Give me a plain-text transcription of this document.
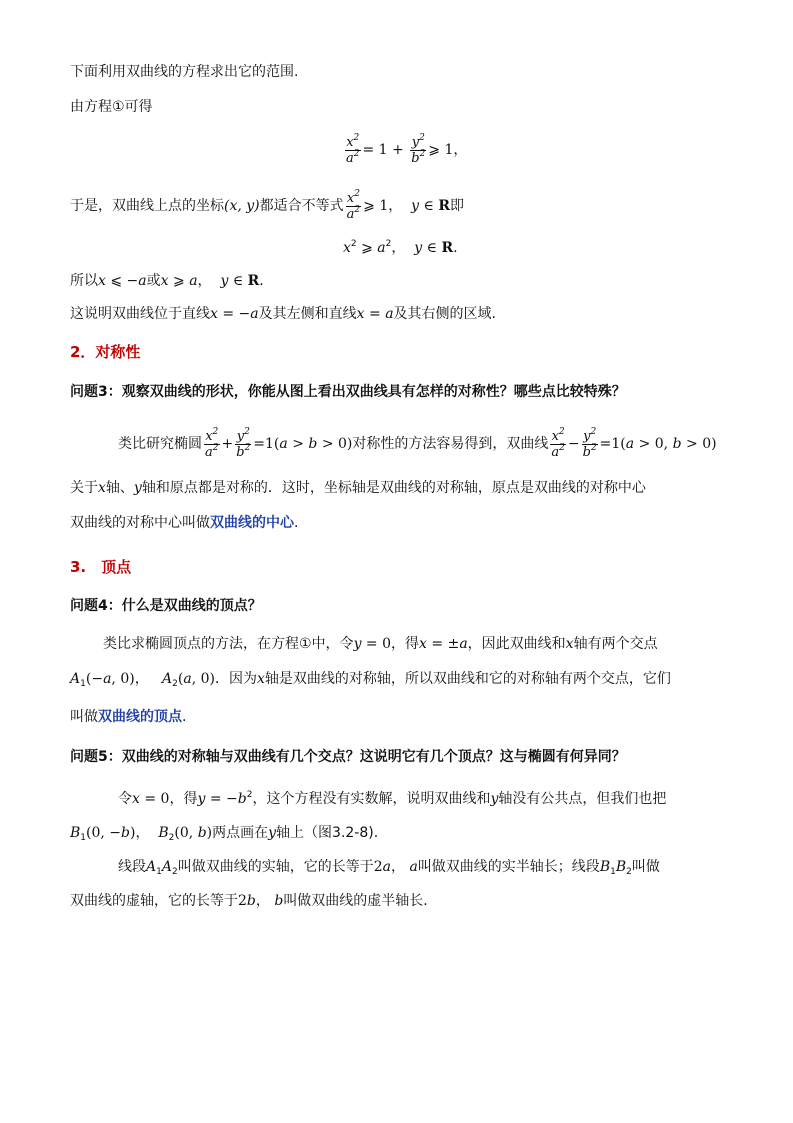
下面利用双曲线的方程求出它的范围.
由方程①可得
$\frac{x^2}{a^2} = 1 + \frac{y^2}{b^2}$ ⩾ 1，
于是，双曲线上点的坐标(x, y)都适合不等式 $\frac{x^2}{a^2}$ ⩾ 1，  y ∈ R即
$x^2$ ⩾ $a^2$，  y ∈ R.
所以x ⩽ −a或x ⩾ a，  y ∈ R.
这说明双曲线位于直线x = −a及其左侧和直线x = a及其右侧的区域.
2．对称性
问题3：观察双曲线的形状，你能从图上看出双曲线具有怎样的对称性？哪些点比较特殊？
类比研究椭圆 $\frac{x^2}{a^2} + \frac{y^2}{b^2} =1(a > b > 0)$对称性的方法容易得到，双曲线 $\frac{x^2}{a^2} - \frac{y^2}{b^2} =1(a > 0$, b > 0)
关于x轴、y轴和原点都是对称的．这时，坐标轴是双曲线的对称轴，原点是双曲线的对称中心
双曲线的对称中心叫做双曲线的中心.
3.　顶点
问题4：什么是双曲线的顶点？
类比求椭圆顶点的方法，在方程①中，令y = 0，得x = ±a，因此双曲线和x轴有两个交点
$A_1(-a$, 0)，   $A_2(a$, 0)．因为x轴是双曲线的对称轴，所以双曲线和它的对称轴有两个交点，它们
叫做双曲线的顶点.
问题5：双曲线的对称轴与双曲线有几个交点？这说明它有几个顶点？这与椭圆有何异同？
令x = 0，得$y = -b^2$，这个方程没有实数解，说明双曲线和y轴没有公共点，但我们也把
$B_1(0$, −b)，  $B_2(0$, b)两点画在y轴上（图3.2-8).
线段$A_1A_2$叫做双曲线的实轴，它的长等于2a， a叫做双曲线的实半轴长；线段$B_1B_2$叫做
双曲线的虚轴，它的长等于2b， b叫做双曲线的虚半轴长.
